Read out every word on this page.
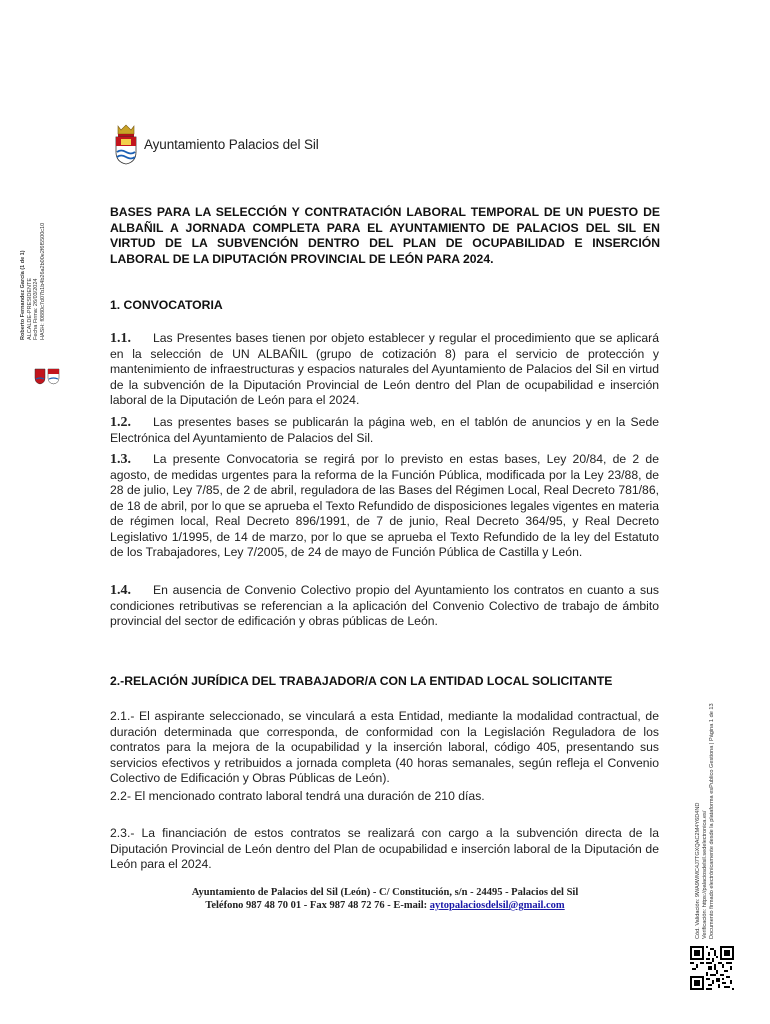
Ayuntamiento Palacios del Sil
Roberto Fernandez García (1 de 1) ALCALDE-PRESIDENTE Fecha Firma: 26/03/2024 HASH: f0880c7d07b1b4b26a2b00e2f6f5500c10
BASES PARA LA SELECCIÓN Y CONTRATACIÓN LABORAL TEMPORAL DE UN PUESTO DE ALBAÑIL A JORNADA COMPLETA PARA EL AYUNTAMIENTO DE PALACIOS DEL SIL EN VIRTUD DE LA SUBVENCIÓN DENTRO DEL PLAN DE OCUPABILIDAD E INSERCIÓN LABORAL DE LA DIPUTACIÓN PROVINCIAL DE LEÓN PARA 2024.
1. CONVOCATORIA
1.1. Las Presentes bases tienen por objeto establecer y regular el procedimiento que se aplicará en la selección de UN ALBAÑIL (grupo de cotización 8) para el servicio de protección y mantenimiento de infraestructuras y espacios naturales del Ayuntamiento de Palacios del Sil en virtud de la subvención de la Diputación Provincial de León dentro del Plan de ocupabilidad e inserción laboral de la Diputación de León para el 2024.
1.2. Las presentes bases se publicarán la página web, en el tablón de anuncios y en la Sede Electrónica del Ayuntamiento de Palacios del Sil.
1.3. La presente Convocatoria se regirá por lo previsto en estas bases, Ley 20/84, de 2 de agosto, de medidas urgentes para la reforma de la Función Pública, modificada por la Ley 23/88, de 28 de julio, Ley 7/85, de 2 de abril, reguladora de las Bases del Régimen Local, Real Decreto 781/86, de 18 de abril, por lo que se aprueba el Texto Refundido de disposiciones legales vigentes en materia de régimen local, Real Decreto 896/1991, de 7 de junio, Real Decreto 364/95, y Real Decreto Legislativo 1/1995, de 14 de marzo, por lo que se aprueba el Texto Refundido de la ley del Estatuto de los Trabajadores, Ley 7/2005, de 24 de mayo de Función Pública de Castilla y León.
1.4. En ausencia de Convenio Colectivo propio del Ayuntamiento los contratos en cuanto a sus condiciones retributivas se referencian a la aplicación del Convenio Colectivo de trabajo de ámbito provincial del sector de edificación y obras públicas de León.
2.-RELACIÓN JURÍDICA DEL TRABAJADOR/A CON LA ENTIDAD LOCAL SOLICITANTE
2.1.- El aspirante seleccionado, se vinculará a esta Entidad, mediante la modalidad contractual, de duración determinada que corresponda, de conformidad con la Legislación Reguladora de los contratos para la mejora de la ocupabilidad y la inserción laboral, código 405, presentando sus servicios efectivos y retribuidos a jornada completa (40 horas semanales, según refleja el Convenio Colectivo de Edificación y Obras Públicas de León).
2.2- El mencionado contrato laboral tendrá una duración de 210 días.
2.3.- La financiación de estos contratos se realizará con cargo a la subvención directa de la Diputación Provincial de León dentro del Plan de ocupabilidad e inserción laboral de la Diputación de León para el 2024.
Ayuntamiento de Palacios del Sil (León) - C/ Constitución, s/n - 24495 - Palacios del Sil
Teléfono 987 48 70 01 - Fax 987 48 72 76 - E-mail: aytopalaciosdelsil@gmail.com	Cód. Validación: 9WA9WMC4J7TGXQAC2M4Y6D4ND Verificación: https://palaciosdelsil.sedelectronica.es/ Documento firmado electrónicamente desde la plataforma esPublico Gestiona | Página 1 de 13
